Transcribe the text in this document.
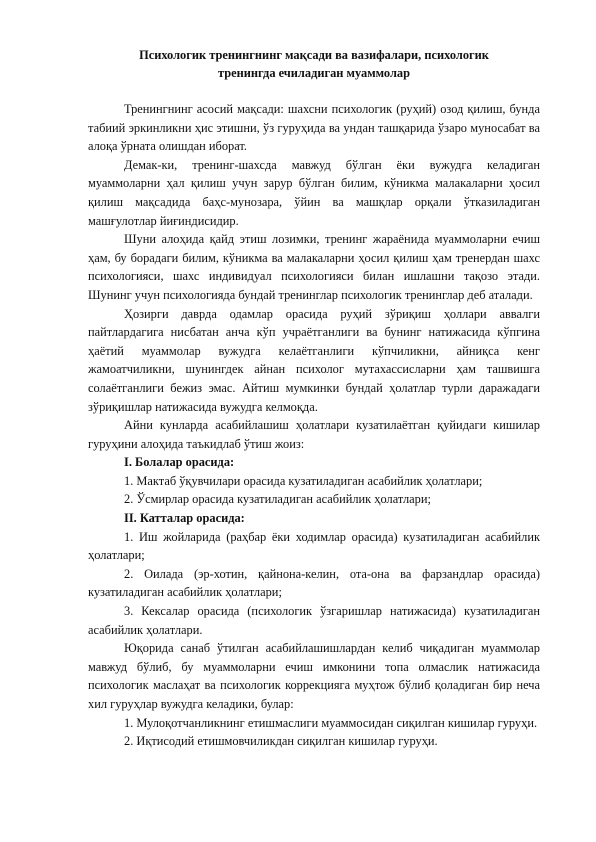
Психологик тренингнинг мақсади ва вазифалари, психологик
тренингда ечиладиган муаммолар

Тренингнинг асосий мақсади: шахсни психологик (руҳий) озод қилиш, бунда табиий эркинликни ҳис этишни, ўз гуруҳида ва ундан ташқарида ўзаро муносабат ва алоқа ўрната олишдан иборат.

Демак-ки, тренинг-шахсда мавжуд бўлган ёки вужудга келадиган муаммоларни ҳал қилиш учун зарур бўлган билим, кўникма малакаларни ҳосил қилиш мақсадида баҳс-мунозара, ўйин ва машқлар орқали ўтказиладиган машғулотлар йиғиндисидир.

Шуни алоҳида қайд этиш лозимки, тренинг жараёнида муаммоларни ечиш ҳам, бу борадаги билим, кўникма ва малакаларни ҳосил қилиш ҳам тренердан шахс психологияси, шахс индивидуал психологияси билан ишлашни тақозо этади. Шунинг учун психологияда бундай тренинглар психологик тренинглар деб аталади.

Ҳозирги даврда одамлар орасида руҳий зўриқиш ҳоллари аввалги пайтлардагига нисбатан анча кўп учраётганлиги ва бунинг натижасида кўпгина ҳаётий муаммолар вужудга келаётганлиги кўпчиликни, айниқса кенг жамоатчиликни, шунингдек айнан психолог мутахассисларни ҳам ташвишга солаётганлиги бежиз эмас. Айтиш мумкинки бундай ҳолатлар турли даражадаги зўриқишлар натижасида вужудга келмоқда.

Айни кунларда асабийлашиш ҳолатлари кузатилаётган қуйидаги кишилар гуруҳини алоҳида таъкидлаб ўтиш жоиз:

I. Болалар орасида:

1. Мактаб ўқувчилари орасида кузатиладиган асабийлик ҳолатлари;

2. Ўсмирлар орасида кузатиладиган асабийлик ҳолатлари;

II. Катталар орасида:

1. Иш жойларида (раҳбар ёки ходимлар орасида) кузатиладиган асабийлик ҳолатлари;

2. Оилада (эр-хотин, қайнона-келин, ота-она ва фарзандлар орасида) кузатиладиган асабийлик ҳолатлари;

3. Кексалар орасида (психологик ўзгаришлар натижасида) кузатиладиган асабийлик ҳолатлари.

Юқорида санаб ўтилган асабийлашишлардан келиб чиқадиган муаммолар мавжуд бўлиб, бу муаммоларни ечиш имконини топа олмаслик натижасида психологик маслаҳат ва психологик коррекцияга муҳтож бўлиб қоладиган бир неча хил гуруҳлар вужудга келадики, булар:

1. Мулоқотчанликнинг етишмаслиги муаммосидан сиқилган кишилар гуруҳи.

2. Иқтисодий етишмовчиликдан сиқилган кишилар гуруҳи.
